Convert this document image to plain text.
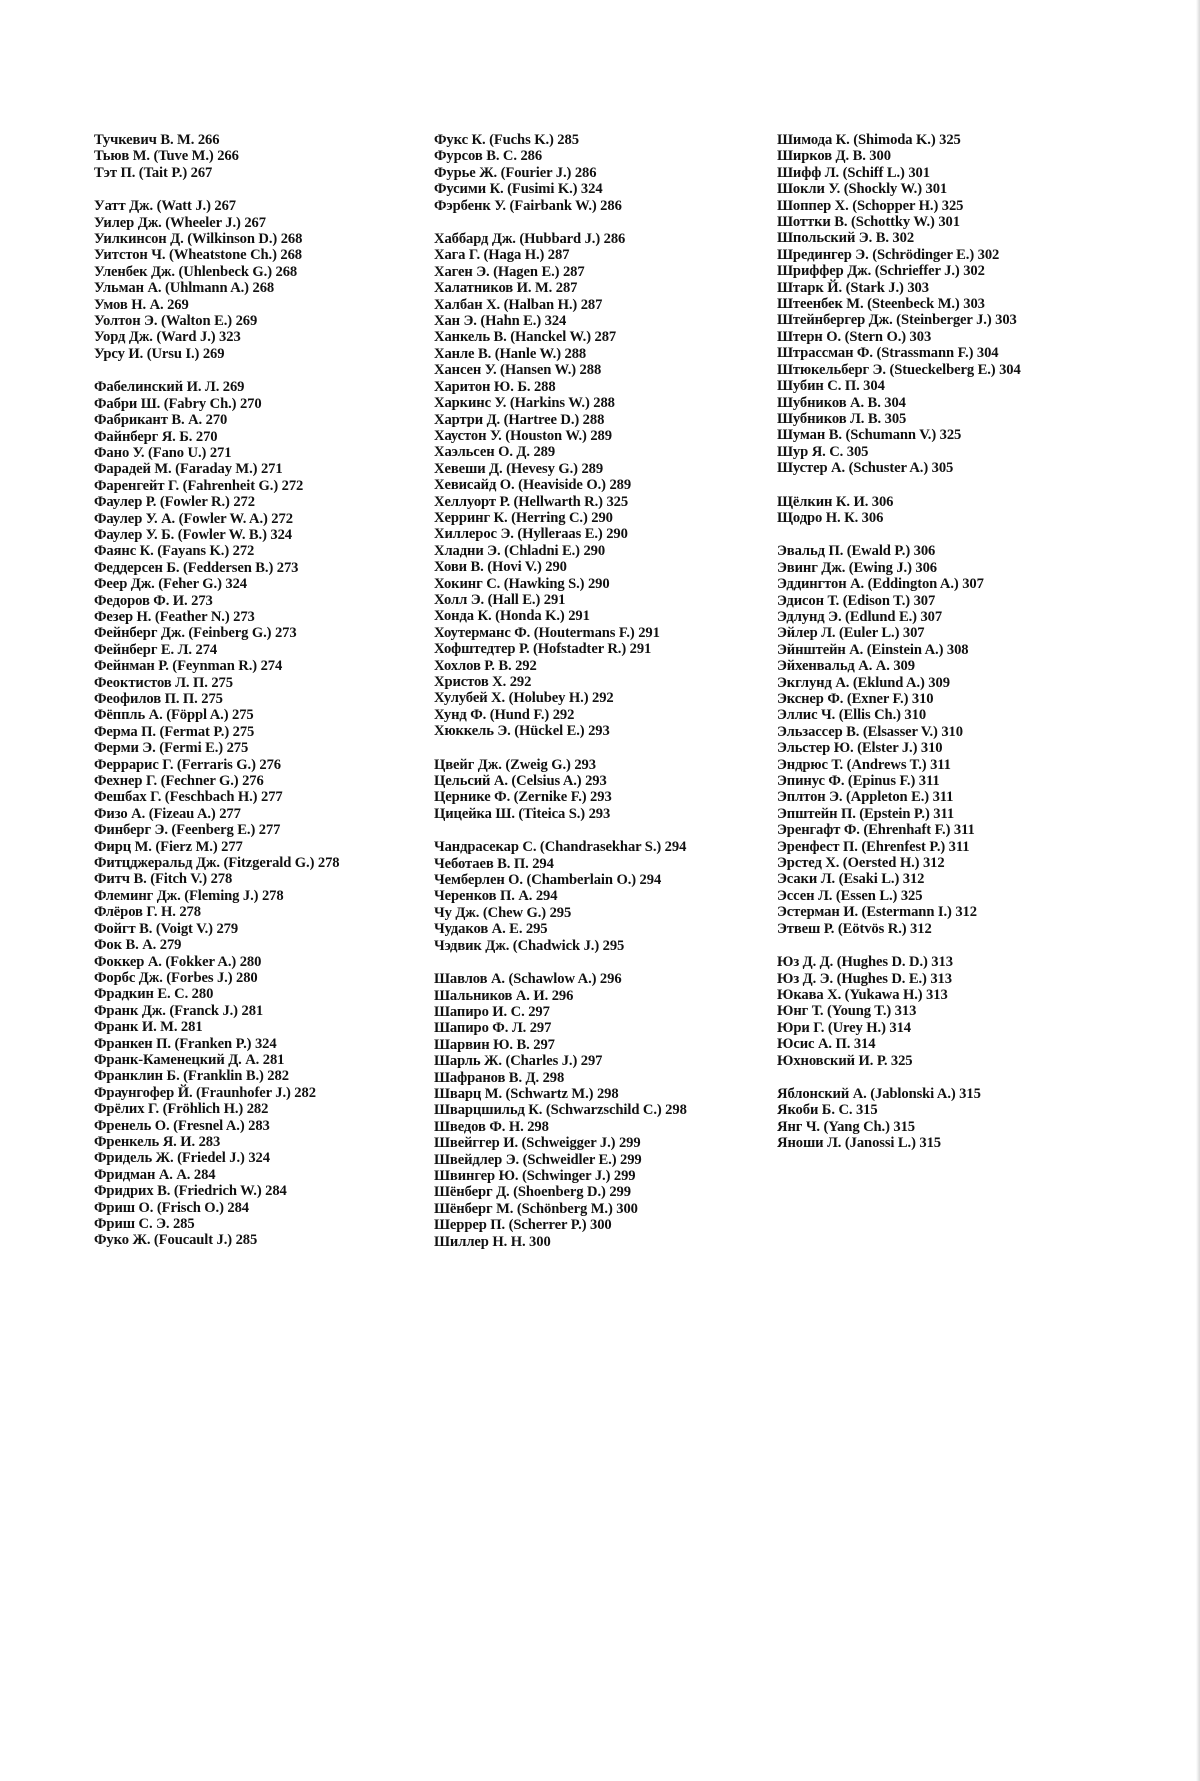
Тучкевич В. М. 266
Тьюв М. (Tuve M.) 266
Тэт П. (Tait P.) 267
Уатт Дж. (Watt J.) 267
Уилер Дж. (Wheeler J.) 267
Уилкинсон Д. (Wilkinson D.) 268
Уитстон Ч. (Wheatstone Ch.) 268
Уленбек Дж. (Uhlenbeck G.) 268
Ульман А. (Uhlmann A.) 268
Умов Н. А. 269
Уолтон Э. (Walton E.) 269
Уорд Дж. (Ward J.) 323
Урсу И. (Ursu I.) 269
Фабелинский И. Л. 269
Фабри Ш. (Fabry Ch.) 270
Фабрикант В. А. 270
Файнберг Я. Б. 270
Фано У. (Fano U.) 271
Фарадей М. (Faraday M.) 271
Фаренгейт Г. (Fahrenheit G.) 272
Фаулер Р. (Fowler R.) 272
Фаулер У. А. (Fowler W. A.) 272
Фаулер У. Б. (Fowler W. B.) 324
Фаянс К. (Fayans K.) 272
Феддерсен Б. (Feddersen B.) 273
Феер Дж. (Feher G.) 324
Федоров Ф. И. 273
Фезер Н. (Feather N.) 273
Фейнберг Дж. (Feinberg G.) 273
Фейнберг Е. Л. 274
Фейнман Р. (Feynman R.) 274
Феоктистов Л. П. 275
Феофилов П. П. 275
Фёппль А. (Föppl A.) 275
Ферма П. (Fermat P.) 275
Ферми Э. (Fermi E.) 275
Феррарис Г. (Ferraris G.) 276
Фехнер Г. (Fechner G.) 276
Фешбах Г. (Feschbach H.) 277
Физо А. (Fizeau A.) 277
Финберг Э. (Feenberg E.) 277
Фирц М. (Fierz M.) 277
Фитцджеральд Дж. (Fitzgerald G.) 278
Фитч В. (Fitch V.) 278
Флеминг Дж. (Fleming J.) 278
Флёров Г. Н. 278
Фойгт В. (Voigt V.) 279
Фок В. А. 279
Фоккер А. (Fokker A.) 280
Форбс Дж. (Forbes J.) 280
Фрадкин Е. С. 280
Франк Дж. (Franck J.) 281
Франк И. М. 281
Франкен П. (Franken P.) 324
Франк-Каменецкий Д. А. 281
Франклин Б. (Franklin B.) 282
Фраунгофер Й. (Fraunhofer J.) 282
Фрёлих Г. (Fröhlich H.) 282
Френель О. (Fresnel A.) 283
Френкель Я. И. 283
Фридель Ж. (Friedel J.) 324
Фридман А. А. 284
Фридрих В. (Friedrich W.) 284
Фриш О. (Frisch O.) 284
Фриш С. Э. 285
Фуко Ж. (Foucault J.) 285
Фукс К. (Fuchs K.) 285
Фурсов В. С. 286
Фурье Ж. (Fourier J.) 286
Фусими К. (Fusimi K.) 324
Фэрбенк У. (Fairbank W.) 286
Хаббард Дж. (Hubbard J.) 286
Хага Г. (Haga H.) 287
Хаген Э. (Hagen E.) 287
Халатников И. М. 287
Халбан Х. (Halban H.) 287
Хан Э. (Hahn E.) 324
Ханкель В. (Hanckel W.) 287
Ханле В. (Hanle W.) 288
Хансен У. (Hansen W.) 288
Харитон Ю. Б. 288
Харкинс У. (Harkins W.) 288
Хартри Д. (Hartree D.) 288
Хаустон У. (Houston W.) 289
Хаэльсен О. Д. 289
Хевеши Д. (Hevesy G.) 289
Хевисайд О. (Heaviside O.) 289
Хеллуорт Р. (Hellwarth R.) 325
Херринг К. (Herring C.) 290
Хиллерос Э. (Hylleraas E.) 290
Хладни Э. (Chladni E.) 290
Хови В. (Hovi V.) 290
Хокинг С. (Hawking S.) 290
Холл Э. (Hall E.) 291
Хонда К. (Honda K.) 291
Хоутерманс Ф. (Houtermans F.) 291
Хофштедтер Р. (Hofstadter R.) 291
Хохлов Р. В. 292
Христов Х. 292
Хулубей Х. (Holubey H.) 292
Хунд Ф. (Hund F.) 292
Хюккель Э. (Hückel E.) 293
Цвейг Дж. (Zweig G.) 293
Цельсий А. (Celsius A.) 293
Цернике Ф. (Zernike F.) 293
Цицейка Ш. (Titeica S.) 293
Чандрасекар С. (Chandrasekhar S.) 294
Чеботаев В. П. 294
Чемберлен О. (Chamberlain O.) 294
Черенков П. А. 294
Чу Дж. (Chew G.) 295
Чудаков А. Е. 295
Чэдвик Дж. (Chadwick J.) 295
Шавлов А. (Schawlow A.) 296
Шальников А. И. 296
Шапиро И. С. 297
Шапиро Ф. Л. 297
Шарвин Ю. В. 297
Шарль Ж. (Charles J.) 297
Шафранов В. Д. 298
Шварц М. (Schwartz M.) 298
Шварцшильд К. (Schwarzschild C.) 298
Шведов Ф. Н. 298
Швейггер И. (Schweigger J.) 299
Швейдлер Э. (Schweidler E.) 299
Швингер Ю. (Schwinger J.) 299
Шёнберг Д. (Shoenberg D.) 299
Шёнберг М. (Schönberg M.) 300
Шеррер П. (Scherrer P.) 300
Шиллер Н. Н. 300
Шимода К. (Shimoda K.) 325
Ширков Д. В. 300
Шифф Л. (Schiff L.) 301
Шокли У. (Shockly W.) 301
Шоппер Х. (Schopper H.) 325
Шоттки В. (Schottky W.) 301
Шпольский Э. В. 302
Шредингер Э. (Schrödinger E.) 302
Шриффер Дж. (Schrieffer J.) 302
Штарк Й. (Stark J.) 303
Штеенбек М. (Steenbeck M.) 303
Штейнбергер Дж. (Steinberger J.) 303
Штерн О. (Stern O.) 303
Штрассман Ф. (Strassmann F.) 304
Штюкельберг Э. (Stueckelberg E.) 304
Шубин С. П. 304
Шубников А. В. 304
Шубников Л. В. 305
Шуман В. (Schumann V.) 325
Шур Я. С. 305
Шустер А. (Schuster A.) 305
Щёлкин К. И. 306
Щодро Н. К. 306
Эвальд П. (Ewald P.) 306
Эвинг Дж. (Ewing J.) 306
Эддингтон А. (Eddington A.) 307
Эдисон Т. (Edison T.) 307
Эдлунд Э. (Edlund E.) 307
Эйлер Л. (Euler L.) 307
Эйнштейн А. (Einstein A.) 308
Эйхенвальд А. А. 309
Экглунд А. (Eklund A.) 309
Экснер Ф. (Exner F.) 310
Эллис Ч. (Ellis Ch.) 310
Эльзассер В. (Elsasser V.) 310
Эльстер Ю. (Elster J.) 310
Эндрюс Т. (Andrews T.) 311
Эпинус Ф. (Epinus F.) 311
Эплтон Э. (Appleton E.) 311
Эпштейн П. (Epstein P.) 311
Эренгафт Ф. (Ehrenhaft F.) 311
Эренфест П. (Ehrenfest P.) 311
Эрстед Х. (Oersted H.) 312
Эсаки Л. (Esaki L.) 312
Эссен Л. (Essen L.) 325
Эстерман И. (Estermann I.) 312
Этвеш Р. (Eötvös R.) 312
Юз Д. Д. (Hughes D. D.) 313
Юз Д. Э. (Hughes D. E.) 313
Юкава Х. (Yukawa H.) 313
Юнг Т. (Young T.) 313
Юри Г. (Urey H.) 314
Юсис А. П. 314
Юхновский И. Р. 325
Яблонский А. (Jablonski A.) 315
Якоби Б. С. 315
Янг Ч. (Yang Ch.) 315
Яноши Л. (Janossi L.) 315
